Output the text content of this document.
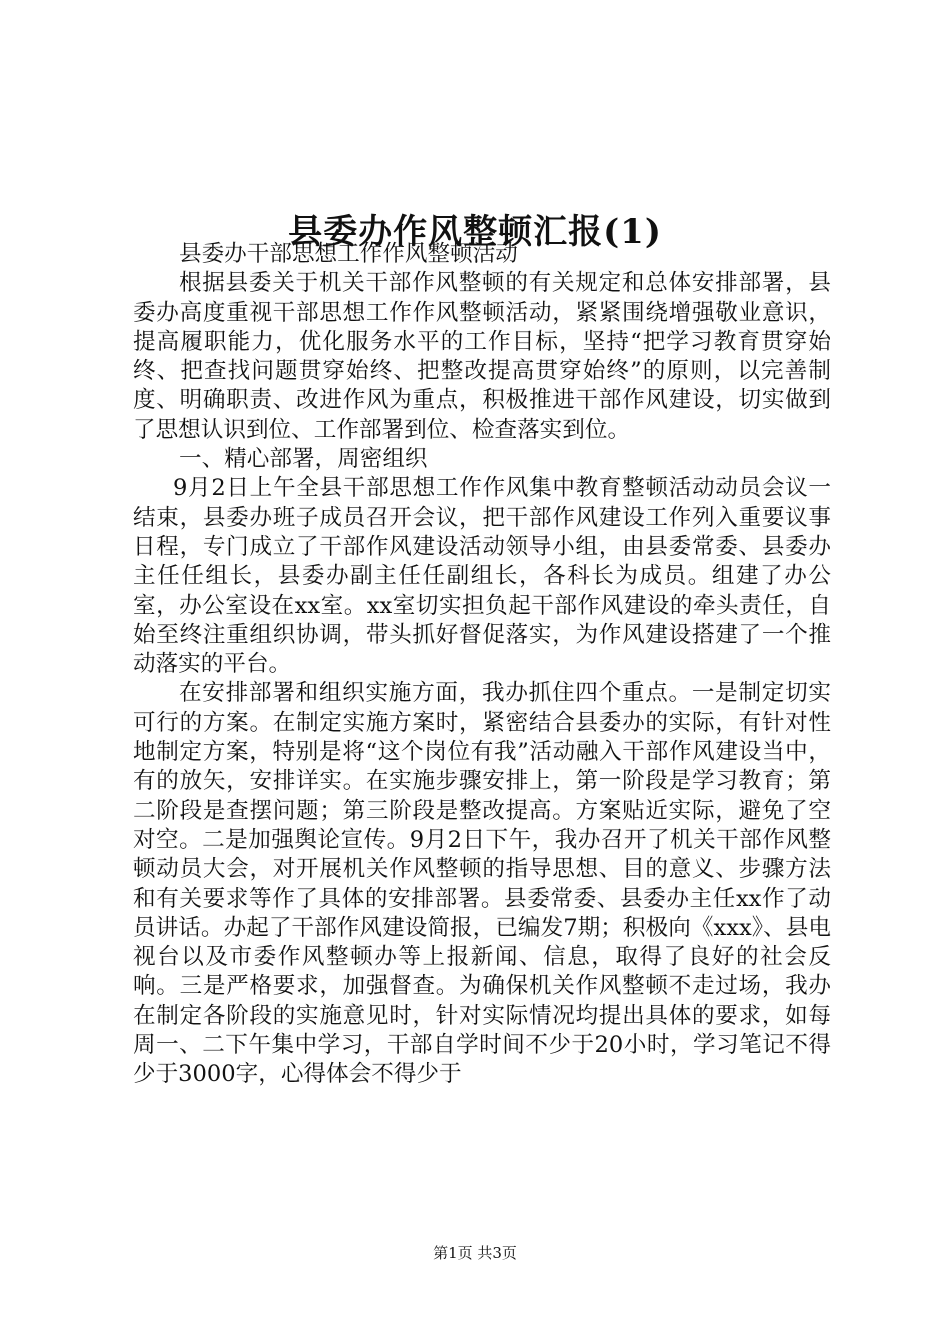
县委办作风整顿汇报(1)

县委办干部思想工作作风整顿活动

根据县委关于机关干部作风整顿的有关规定和总体安排部署，县委办高度重视干部思想工作作风整顿活动，紧紧围绕增强敬业意识，提高履职能力，优化服务水平的工作目标，坚持“把学习教育贯穿始终、把查找问题贯穿始终、把整改提高贯穿始终”的原则，以完善制度、明确职责、改进作风为重点，积极推进干部作风建设，切实做到了思想认识到位、工作部署到位、检查落实到位。

一、精心部署，周密组织

9月2日上午全县干部思想工作作风集中教育整顿活动动员会议一结束，县委办班子成员召开会议，把干部作风建设工作列入重要议事日程，专门成立了干部作风建设活动领导小组，由县委常委、县委办主任任组长，县委办副主任任副组长，各科长为成员。组建了办公室，办公室设在xx室。xx室切实担负起干部作风建设的牵头责任，自始至终注重组织协调，带头抓好督促落实，为作风建设搭建了一个推动落实的平台。

在安排部署和组织实施方面，我办抓住四个重点。一是制定切实可行的方案。在制定实施方案时，紧密结合县委办的实际，有针对性地制定方案，特别是将“这个岗位有我”活动融入干部作风建设当中，有的放矢，安排详实。在实施步骤安排上，第一阶段是学习教育；第二阶段是查摆问题；第三阶段是整改提高。方案贴近实际，避免了空对空。二是加强舆论宣传。9月2日下午，我办召开了机关干部作风整顿动员大会，对开展机关作风整顿的指导思想、目的意义、步骤方法和有关要求等作了具体的安排部署。县委常委、县委办主任xx作了动员讲话。办起了干部作风建设简报，已编发7期；积极向《xxx》、县电视台以及市委作风整顿办等上报新闻、信息，取得了良好的社会反响。三是严格要求，加强督查。为确保机关作风整顿不走过场，我办在制定各阶段的实施意见时，针对实际情况均提出具体的要求，如每周一、二下午集中学习，干部自学时间不少于20小时，学习笔记不得少于3000字，心得体会不得少于

第1页 共3页
